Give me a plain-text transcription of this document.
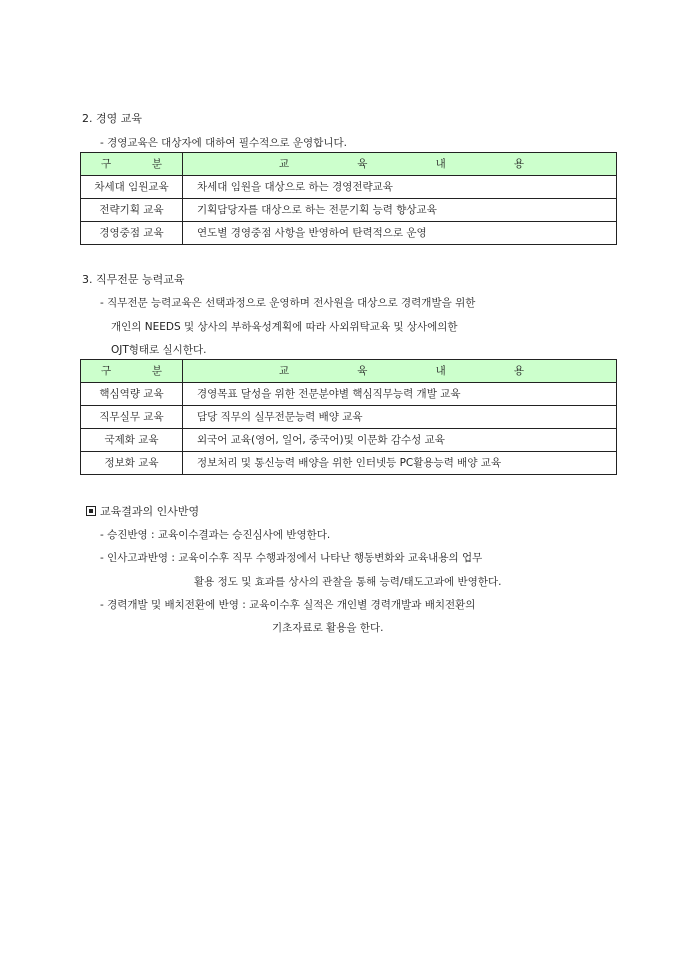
2. 경영 교육
- 경영교육은 대상자에 대하여 필수적으로 운영합니다.
구 분	교 육 내 용

차세대 임원교육	차세대 임원을 대상으로 하는 경영전략교육
전략기획 교육	기획담당자를 대상으로 하는 전문기획 능력 향상교육
경영중점 교육	연도별 경영중점 사항을 반영하여 탄력적으로 운영
3. 직무전문 능력교육
- 직무전문 능력교육은 선택과정으로 운영하며 전사원을 대상으로 경력개발을 위한
개인의 NEEDS 및 상사의 부하육성계획에 따라 사외위탁교육 및 상사에의한
OJT형태로 실시한다.
구 분	교 육 내 용

핵심역량 교육	경영목표 달성을 위한 전문분야별 핵심직무능력 개발 교육
직무실무 교육	담당 직무의 실무전문능력 배양 교육
국제화 교육	외국어 교육(영어, 일어, 중국어)및 이문화 감수성 교육
정보화 교육	정보처리 및 통신능력 배양을 위한 인터넷등 PC활용능력 배양 교육
교육결과의 인사반영
- 승진반영 : 교육이수결과는 승진심사에 반영한다.
- 인사고과반영 : 교육이수후 직무 수행과정에서 나타난 행동변화와 교육내용의 업무
활용 정도 및 효과를 상사의 관찰을 통해 능력/태도고과에 반영한다.
- 경력개발 및 배치전환에 반영 : 교육이수후 실적은 개인별 경력개발과 배치전환의
기초자료로 활용을 한다.
